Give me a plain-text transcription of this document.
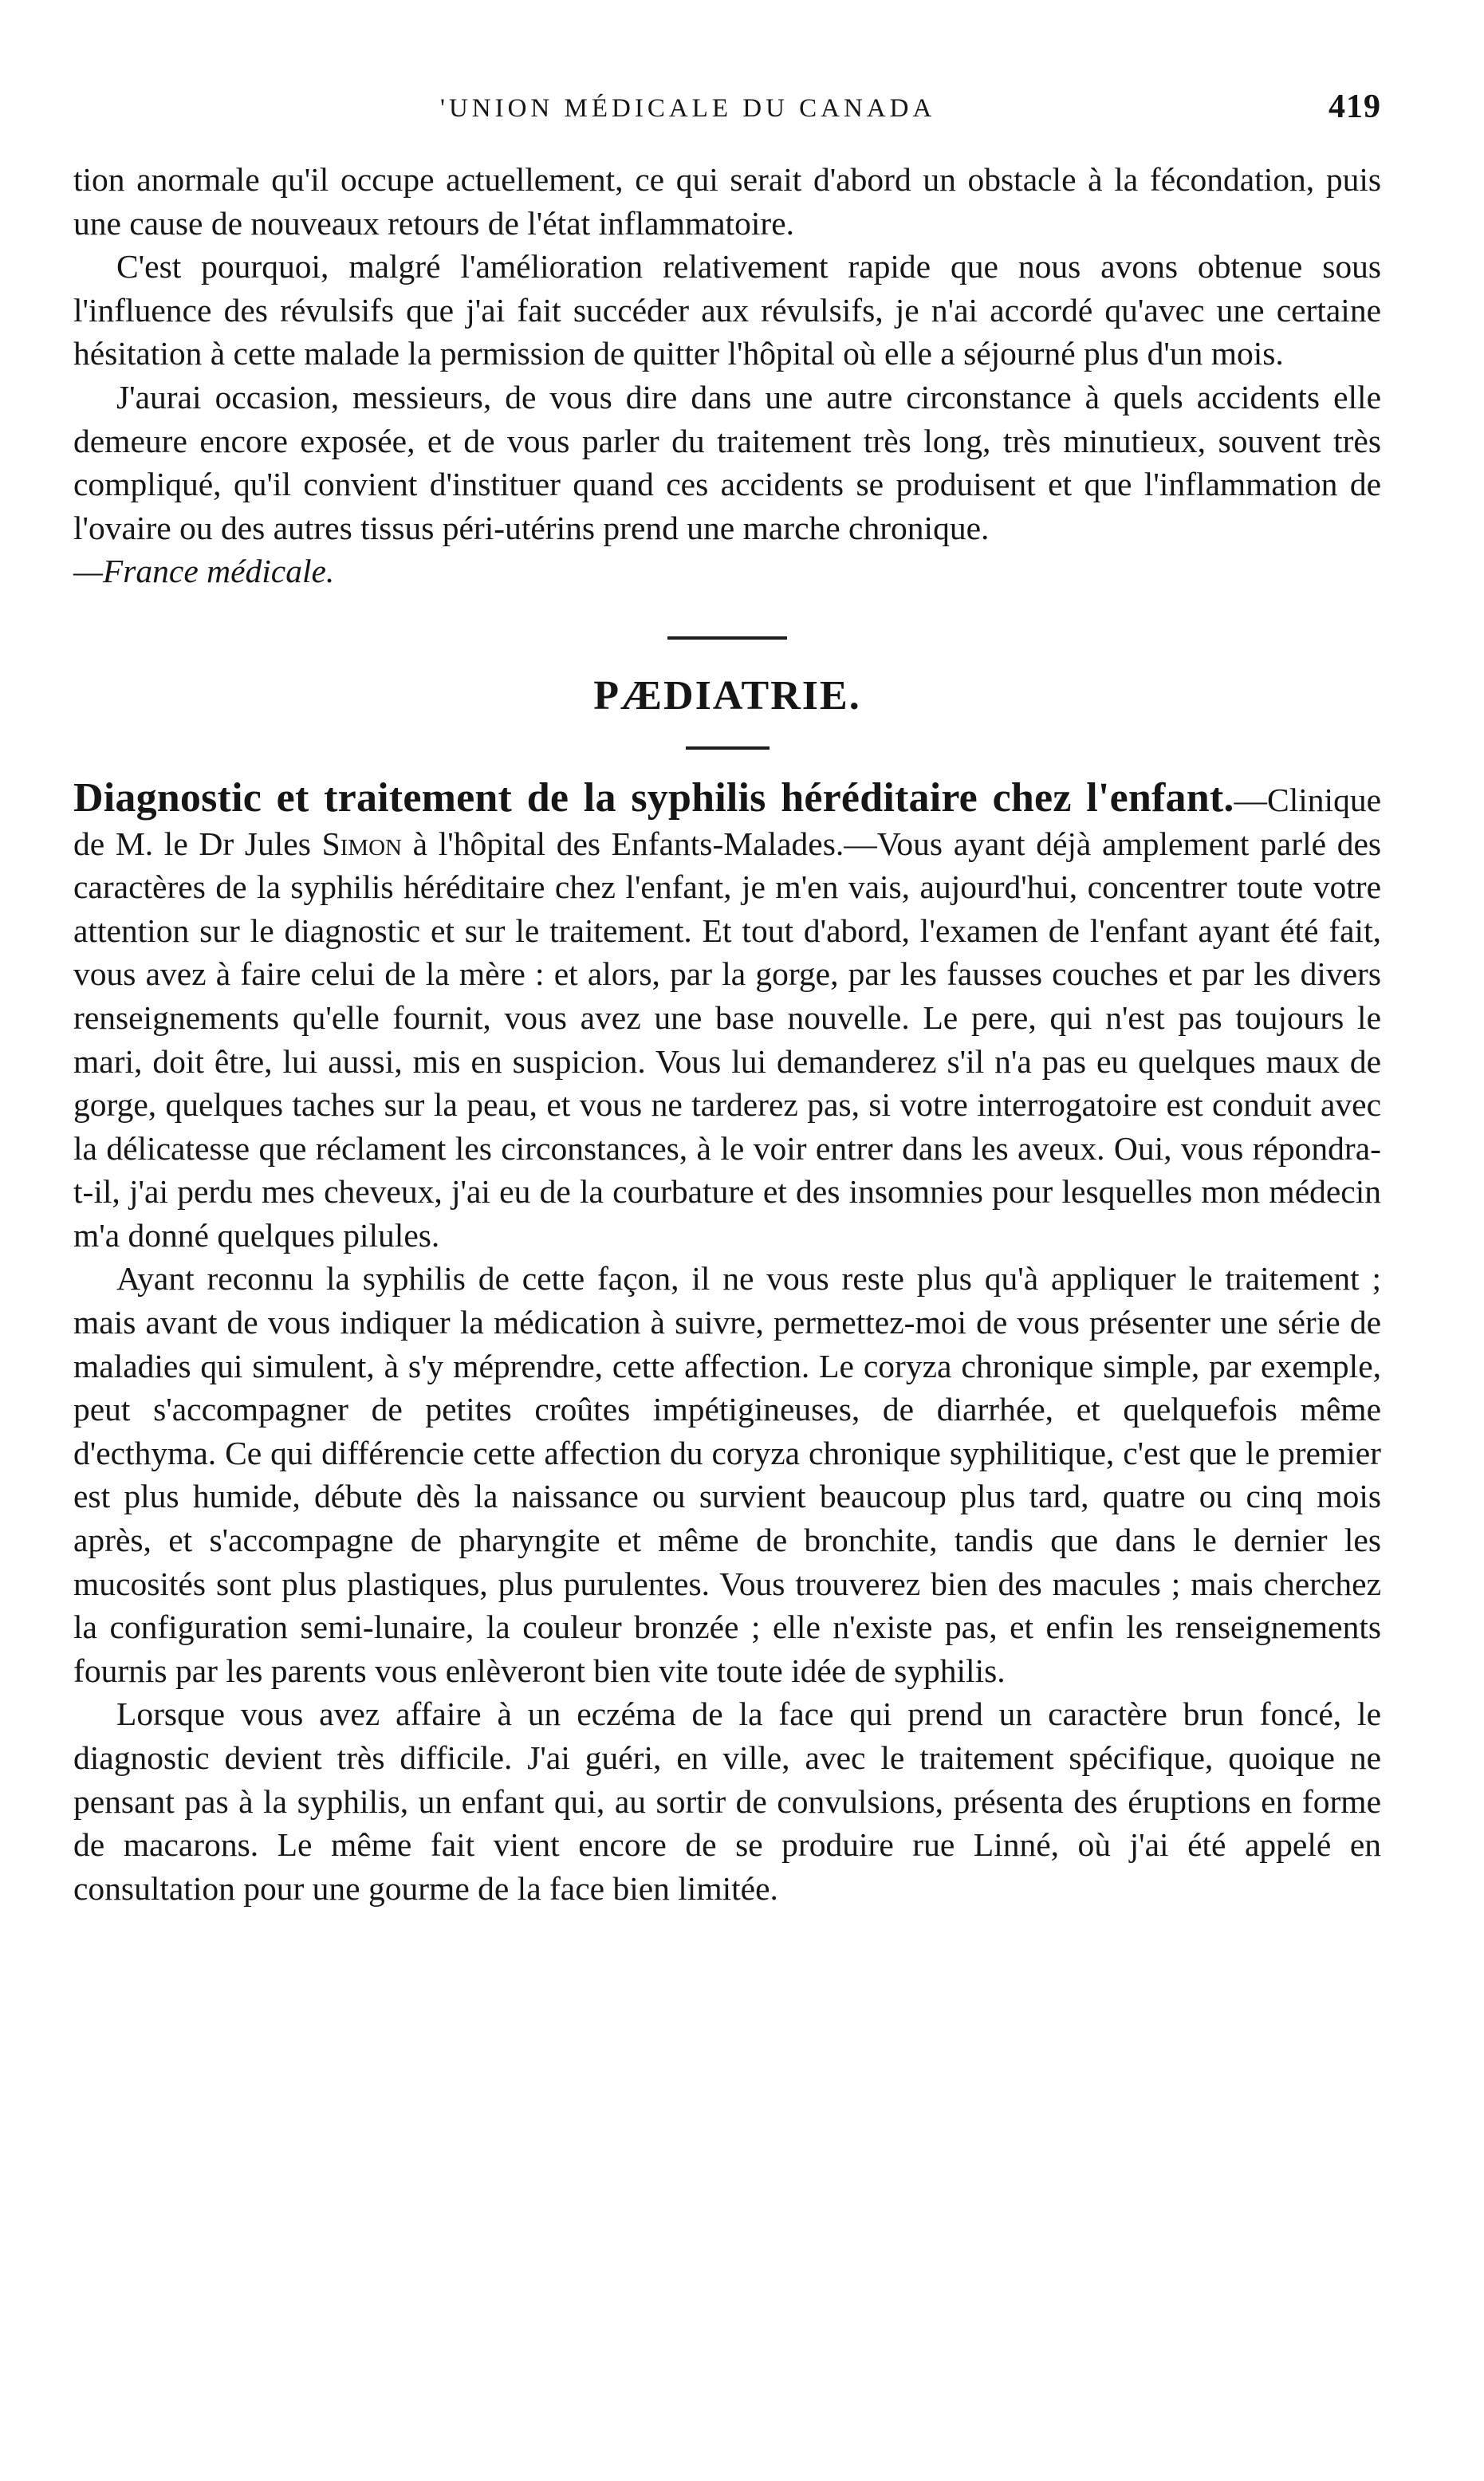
'UNION MÉDICALE DU CANADA	419

tion anormale qu'il occupe actuellement, ce qui serait d'abord un obstacle à la fécondation, puis une cause de nouveaux retours de l'état inflammatoire.

C'est pourquoi, malgré l'amélioration relativement rapide que nous avons obtenue sous l'influence des révulsifs que j'ai fait succéder aux révulsifs, je n'ai accordé qu'avec une certaine hésitation à cette malade la permission de quitter l'hôpital où elle a séjourné plus d'un mois.

J'aurai occasion, messieurs, de vous dire dans une autre circonstance à quels accidents elle demeure encore exposée, et de vous parler du traitement très long, très minutieux, souvent très compliqué, qu'il convient d'instituer quand ces accidents se produisent et que l'inflammation de l'ovaire ou des autres tissus péri-utérins prend une marche chronique.

—France médicale.
PÆDIATRIE.

Diagnostic et traitement de la syphilis héréditaire chez l'enfant.—Clinique de M. le Dr Jules Simon à l'hôpital des Enfants-Malades.—Vous ayant déjà amplement parlé des caractères de la syphilis héréditaire chez l'enfant, je m'en vais, aujourd'hui, concentrer toute votre attention sur le diagnostic et sur le traitement. Et tout d'abord, l'examen de l'enfant ayant été fait, vous avez à faire celui de la mère : et alors, par la gorge, par les fausses couches et par les divers renseignements qu'elle fournit, vous avez une base nouvelle. Le pere, qui n'est pas toujours le mari, doit être, lui aussi, mis en suspicion. Vous lui demanderez s'il n'a pas eu quelques maux de gorge, quelques taches sur la peau, et vous ne tarderez pas, si votre interrogatoire est conduit avec la délicatesse que réclament les circonstances, à le voir entrer dans les aveux. Oui, vous répondra-t-il, j'ai perdu mes cheveux, j'ai eu de la courbature et des insomnies pour lesquelles mon médecin m'a donné quelques pilules.

Ayant reconnu la syphilis de cette façon, il ne vous reste plus qu'à appliquer le traitement ; mais avant de vous indiquer la médication à suivre, permettez-moi de vous présenter une série de maladies qui simulent, à s'y méprendre, cette affection. Le coryza chronique simple, par exemple, peut s'accompagner de petites croûtes impétigineuses, de diarrhée, et quelquefois même d'ecthyma. Ce qui différencie cette affection du coryza chronique syphilitique, c'est que le premier est plus humide, débute dès la naissance ou survient beaucoup plus tard, quatre ou cinq mois après, et s'accompagne de pharyngite et même de bronchite, tandis que dans le dernier les mucosités sont plus plastiques, plus purulentes. Vous trouverez bien des macules ; mais cherchez la configuration semi-lunaire, la couleur bronzée ; elle n'existe pas, et enfin les renseignements fournis par les parents vous enlèveront bien vite toute idée de syphilis.

Lorsque vous avez affaire à un eczéma de la face qui prend un caractère brun foncé, le diagnostic devient très difficile. J'ai guéri, en ville, avec le traitement spécifique, quoique ne pensant pas à la syphilis, un enfant qui, au sortir de convulsions, présenta des éruptions en forme de macarons. Le même fait vient encore de se produire rue Linné, où j'ai été appelé en consultation pour une gourme de la face bien limitée.
